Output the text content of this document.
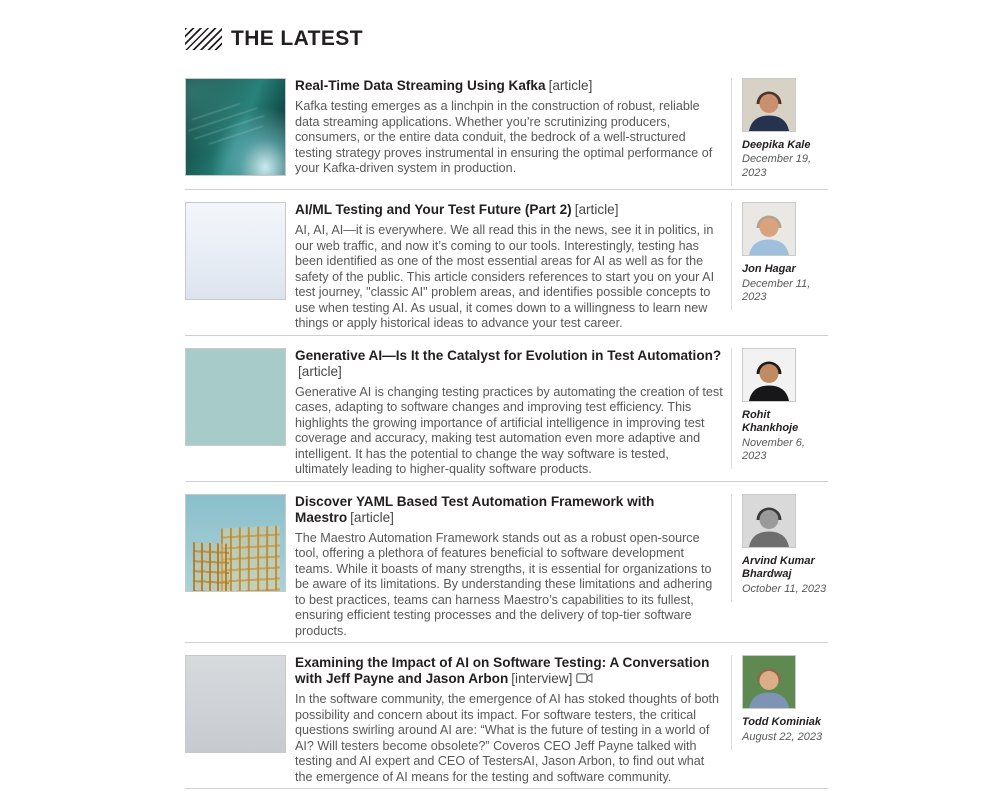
THE LATEST
Real-Time Data Streaming Using Kafka [article]

Kafka testing emerges as a linchpin in the construction of robust, reliable data streaming applications. Whether you’re scrutinizing producers, consumers, or the entire data conduit, the bedrock of a well-structured testing strategy proves instrumental in ensuring the optimal performance of your Kafka-driven system in production.

Deepika Kale
December 19, 2023
AI/ML Testing and Your Test Future (Part 2) [article]

AI, AI, AI—it is everywhere. We all read this in the news, see it in politics, in our web traffic, and now it’s coming to our tools. Interestingly, testing has been identified as one of the most essential areas for AI as well as for the safety of the public. This article considers references to start you on your AI test journey, "classic AI" problem areas, and identifies possible concepts to use when testing AI. As usual, it comes down to a willingness to learn new things or apply historical ideas to advance your test career.

Jon Hagar
December 11, 2023
Generative AI—Is It the Catalyst for Evolution in Test Automation?[article]

Generative AI is changing testing practices by automating the creation of test cases, adapting to software changes and improving test efficiency. This highlights the growing importance of artificial intelligence in improving test coverage and accuracy, making test automation even more adaptive and intelligent. It has the potential to change the way software is tested, ultimately leading to higher-quality software products.

Rohit Khankhoje
November 6, 2023
Discover YAML Based Test Automation Framework with Maestro [article]

The Maestro Automation Framework stands out as a robust open-source tool, offering a plethora of features beneficial to software development teams. While it boasts of many strengths, it is essential for organizations to be aware of its limitations. By understanding these limitations and adhering to best practices, teams can harness Maestro’s capabilities to its fullest, ensuring efficient testing processes and the delivery of top-tier software products.

Arvind Kumar Bhardwaj
October 11, 2023
Examining the Impact of AI on Software Testing: A Conversation with Jeff Payne and Jason Arbon [interview]

In the software community, the emergence of AI has stoked thoughts of both possibility and concern about its impact. For software testers, the critical questions swirling around AI are: “What is the future of testing in a world of AI? Will testers become obsolete?” Coveros CEO Jeff Payne talked with testing and AI expert and CEO of TestersAI, Jason Arbon, to find out what the emergence of AI means for the testing and software community.

Todd Kominiak
August 22, 2023
